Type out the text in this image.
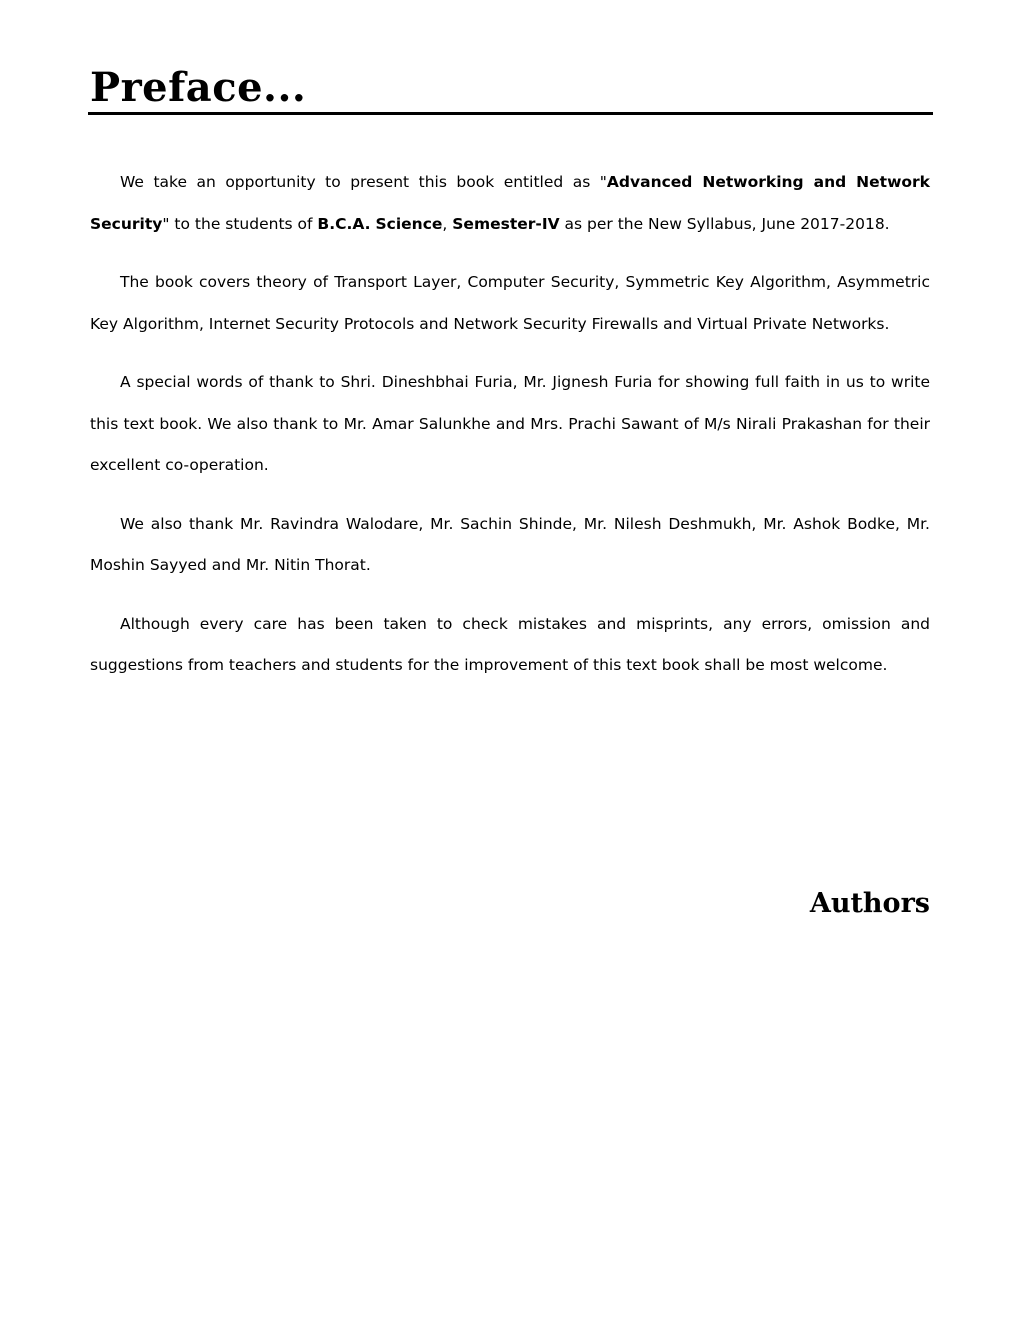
Preface...

We take an opportunity to present this book entitled as "Advanced Networking and Network Security" to the students of B.C.A. Science, Semester-IV as per the New Syllabus, June 2017-2018.

The book covers theory of Transport Layer, Computer Security, Symmetric Key Algorithm, Asymmetric Key Algorithm, Internet Security Protocols and Network Security Firewalls and Virtual Private Networks.

A special words of thank to Shri. Dineshbhai Furia, Mr. Jignesh Furia for showing full faith in us to write this text book. We also thank to Mr. Amar Salunkhe and Mrs. Prachi Sawant of M/s Nirali Prakashan for their excellent co-operation.

We also thank Mr. Ravindra Walodare, Mr. Sachin Shinde, Mr. Nilesh Deshmukh, Mr. Ashok Bodke, Mr. Moshin Sayyed and Mr. Nitin Thorat.

Although every care has been taken to check mistakes and misprints, any errors, omission and suggestions from teachers and students for the improvement of this text book shall be most welcome.

Authors
